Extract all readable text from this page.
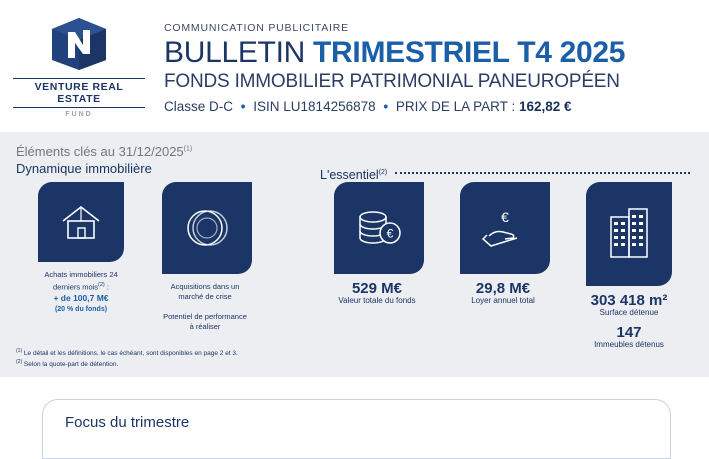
VENTURE REAL ESTATE
FUND
COMMUNICATION PUBLICITAIRE
BULLETIN TRIMESTRIEL T4 2025
FONDS IMMOBILIER PATRIMONIAL PANEUROPÉEN
Classe D-C • ISIN LU1814256878 • PRIX DE LA PART : 162,82 €
Éléments clés au 31/12/2025$^{(1)}$
Dynamique immobilière	L'essentiel$^{(2)}$
Achats immobiliers 24 derniers mois$^{(2)}$ :
+ de 100,7 M€
(20 % du fonds)
Acquisitions dans un marché de crise

Potentiel de performance à réaliser
€
529 M€
Valeur totale du fonds
€
29,8 M€
Loyer annuel total	303 418 m²
Surface détenue
147
Immeubles détenus
$^{(1)}$ Le détail et les définitions, le cas échéant, sont disponibles en page 2 et 3.
$^{(2)}$ Selon la quote-part de détention.
Focus du trimestre
